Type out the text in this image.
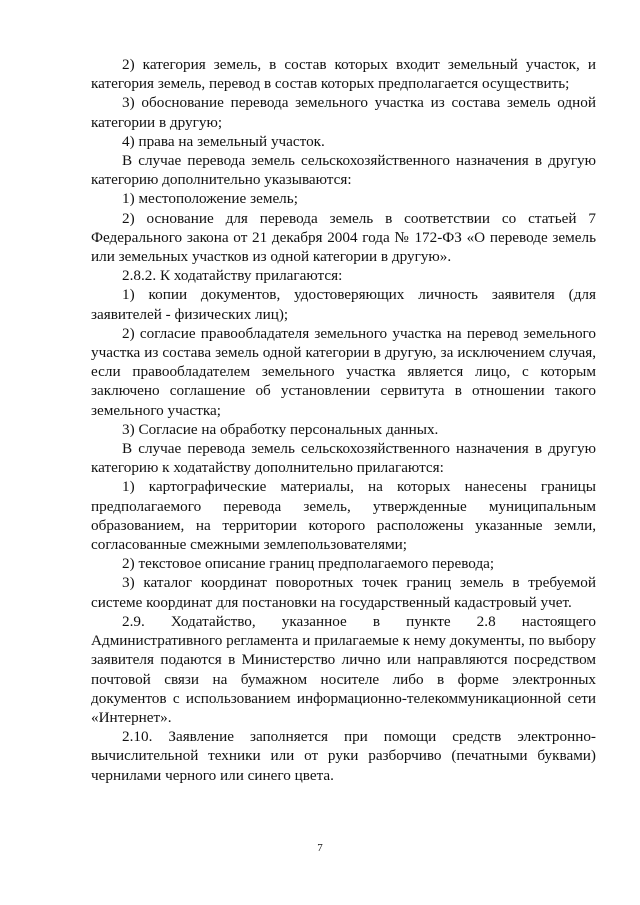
2) категория земель, в состав которых входит земельный участок, и категория земель, перевод в состав которых предполагается осуществить;

3) обоснование перевода земельного участка из состава земель одной категории в другую;

4) права на земельный участок.

В случае перевода земель сельскохозяйственного назначения в другую категорию дополнительно указываются:

1) местоположение земель;

2) основание для перевода земель в соответствии со статьей 7 Федерального закона от 21 декабря 2004 года № 172-ФЗ «О переводе земель или земельных участков из одной категории в другую».

2.8.2. К ходатайству прилагаются:

1) копии документов, удостоверяющих личность заявителя (для заявителей - физических лиц);

2) согласие правообладателя земельного участка на перевод земельного участка из состава земель одной категории в другую, за исключением случая, если правообладателем земельного участка является лицо, с которым заключено соглашение об установлении сервитута в отношении такого земельного участка;

3) Согласие на обработку персональных данных.

В случае перевода земель сельскохозяйственного назначения в другую категорию к ходатайству дополнительно прилагаются:

1) картографические материалы, на которых нанесены границы предполагаемого перевода земель, утвержденные муниципальным образованием, на территории которого расположены указанные земли, согласованные смежными землепользователями;

2) текстовое описание границ предполагаемого перевода;

3) каталог координат поворотных точек границ земель в требуемой системе координат для постановки на государственный кадастровый учет.

2.9. Ходатайство, указанное в пункте 2.8 настоящего Административного регламента и прилагаемые к нему документы, по выбору заявителя подаются в Министерство лично или направляются посредством почтовой связи на бумажном носителе либо в форме электронных документов с использованием информационно-телекоммуникационной сети «Интернет».

2.10. Заявление заполняется при помощи средств электронно-вычислительной техники или от руки разборчиво (печатными буквами) чернилами черного или синего цвета.

7
